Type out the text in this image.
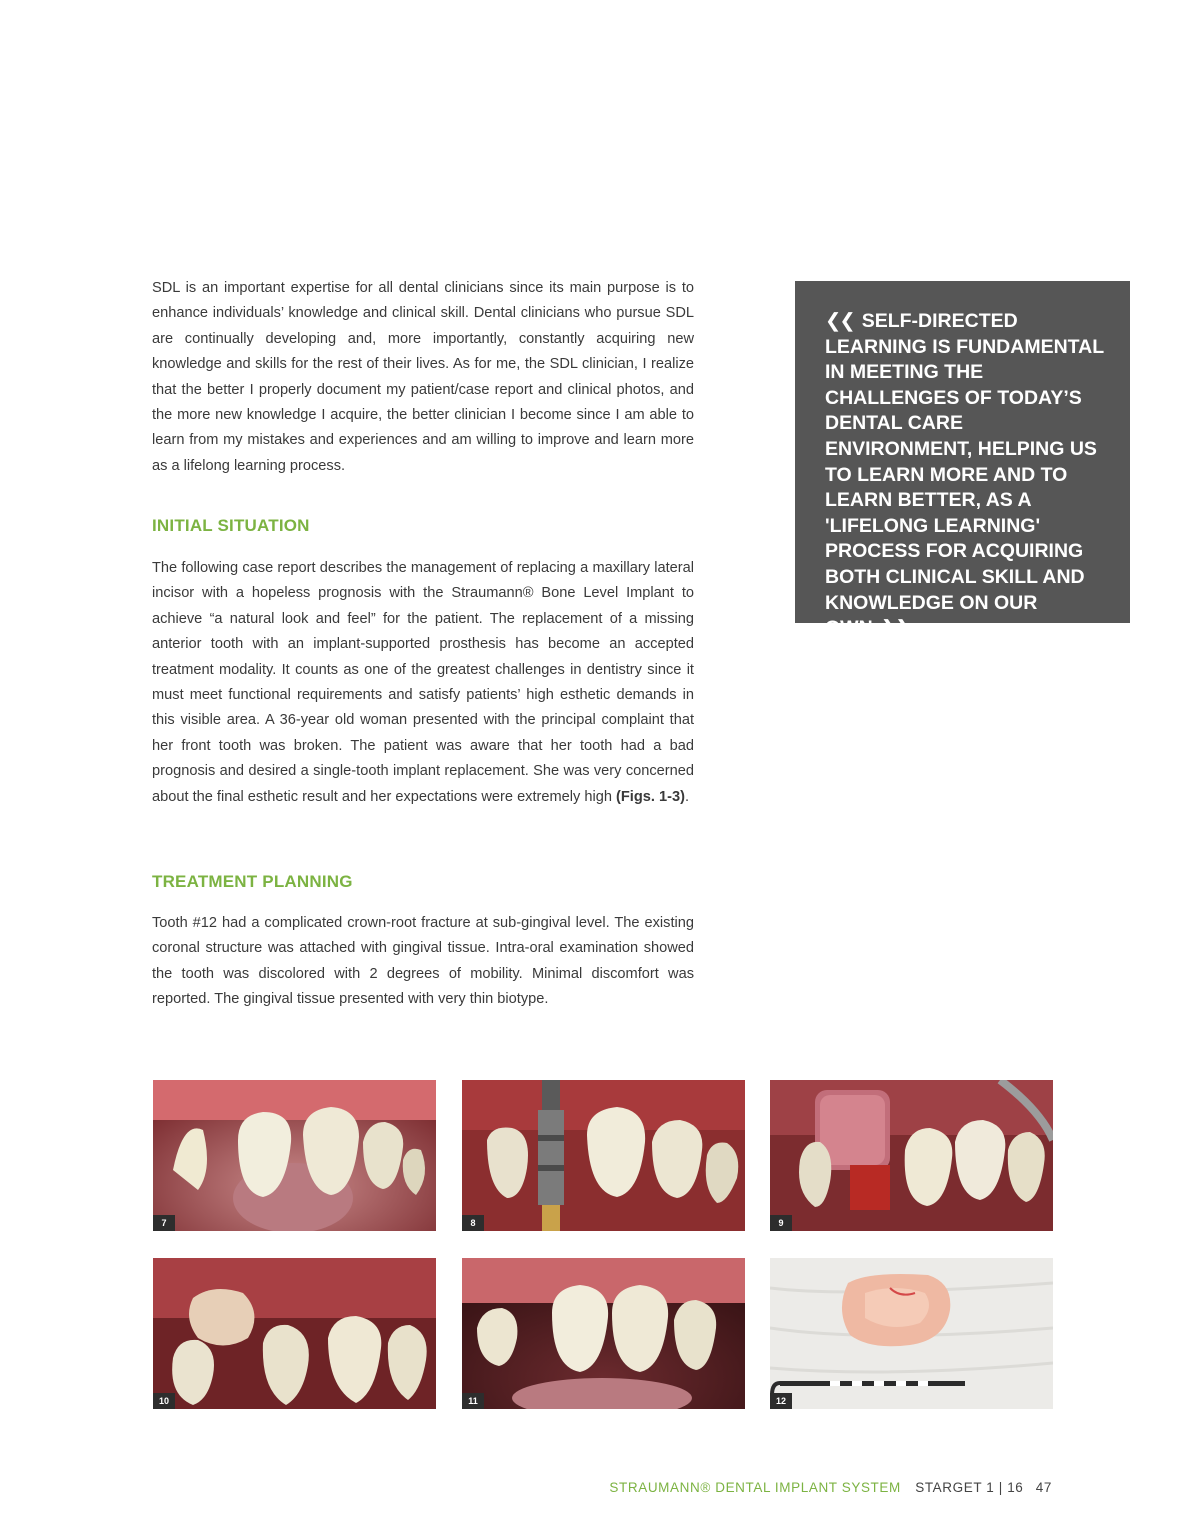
SDL is an important expertise for all dental clinicians since its main purpose is to enhance individuals’ knowledge and clinical skill. Dental clinicians who pursue SDL are continually developing and, more importantly, constantly acquiring new knowledge and skills for the rest of their lives. As for me, the SDL clinician, I realize that the better I properly document my patient/case report and clinical photos, and the more new knowledge I acquire, the better clinician I become since I am able to learn from my mistakes and experiences and am willing to improve and learn more as a lifelong learning process.

INITIAL SITUATION

The following case report describes the management of replacing a maxillary lateral incisor with a hopeless prognosis with the Straumann® Bone Level Implant to achieve “a natural look and feel” for the patient. The replacement of a missing anterior tooth with an implant-supported prosthesis has become an accepted treatment modality. It counts as one of the greatest challenges in dentistry since it must meet functional requirements and satisfy patients’ high esthetic demands in this visible area. A 36-year old woman presented with the principal complaint that her front tooth was broken. The patient was aware that her tooth had a bad prognosis and desired a single-tooth implant replacement. She was very concerned about the final esthetic result and her expectations were extremely high (Figs. 1-3).

TREATMENT PLANNING

Tooth #12 had a complicated crown-root fracture at sub-gingival level. The existing coronal structure was attached with gingival tissue. Intra-oral examination showed the tooth was discolored with 2 degrees of mobility. Minimal discomfort was reported. The gingival tissue presented with very thin biotype.

❮❮ SELF-DIRECTED LEARNING IS FUNDAMENTAL IN MEETING THE CHALLENGES OF TODAY’S DENTAL CARE ENVIRONMENT, HELPING US TO LEARN MORE AND TO LEARN BETTER, AS A 'LIFELONG LEARNING' PROCESS FOR ACQUIRING BOTH CLINICAL SKILL AND KNOWLEDGE ON OUR OWN ❯❯

7	8	9
10	11	12
STRAUMANN® DENTAL IMPLANT SYSTEM STARGET 1 | 16 47
